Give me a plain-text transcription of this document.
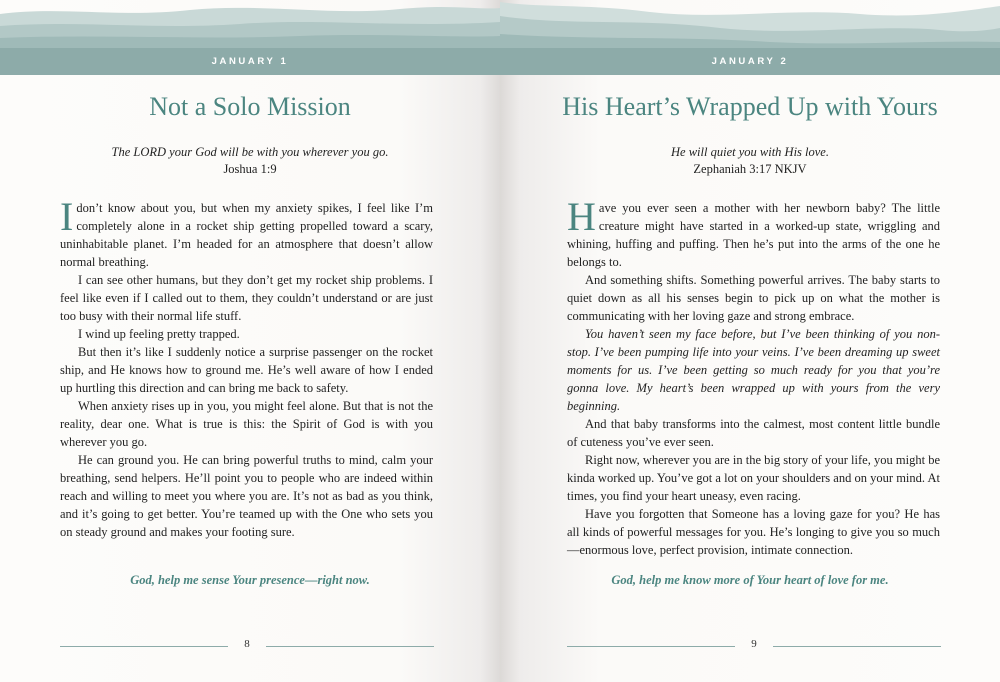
JANUARY 1
Not a Solo Mission
The LORD your God will be with you wherever you go.
Joshua 1:9

I don’t know about you, but when my anxiety spikes, I feel like I’m completely alone in a rocket ship getting propelled toward a scary, uninhabitable planet. I’m headed for an atmosphere that doesn’t allow normal breathing.

I can see other humans, but they don’t get my rocket ship problems. I feel like even if I called out to them, they couldn’t understand or are just too busy with their normal life stuff.

I wind up feeling pretty trapped.

But then it’s like I suddenly notice a surprise passenger on the rocket ship, and He knows how to ground me. He’s well aware of how I ended up hurtling this direction and can bring me back to safety.

When anxiety rises up in you, you might feel alone. But that is not the reality, dear one. What is true is this: the Spirit of God is with you wherever you go.

He can ground you. He can bring powerful truths to mind, calm your breathing, send helpers. He’ll point you to people who are indeed within reach and willing to meet you where you are. It’s not as bad as you think, and it’s going to get better. You’re teamed up with the One who sets you on steady ground and makes your footing sure.

God, help me sense Your presence—right now.
8
JANUARY 2
His Heart’s Wrapped Up with Yours
He will quiet you with His love.
Zephaniah 3:17 NKJV

Have you ever seen a mother with her newborn baby? The little creature might have started in a worked-up state, wriggling and whining, huffing and puffing. Then he’s put into the arms of the one he belongs to.

And something shifts. Something powerful arrives. The baby starts to quiet down as all his senses begin to pick up on what the mother is communicating with her loving gaze and strong embrace.

You haven’t seen my face before, but I’ve been thinking of you non-stop. I’ve been pumping life into your veins. I’ve been dreaming up sweet moments for us. I’ve been getting so much ready for you that you’re gonna love. My heart’s been wrapped up with yours from the very beginning.

And that baby transforms into the calmest, most content little bundle of cuteness you’ve ever seen.

Right now, wherever you are in the big story of your life, you might be kinda worked up. You’ve got a lot on your shoulders and on your mind. At times, you find your heart uneasy, even racing.

Have you forgotten that Someone has a loving gaze for you? He has all kinds of powerful messages for you. He’s longing to give you so much—enormous love, perfect provision, intimate connection.

God, help me know more of Your heart of love for me.
9
